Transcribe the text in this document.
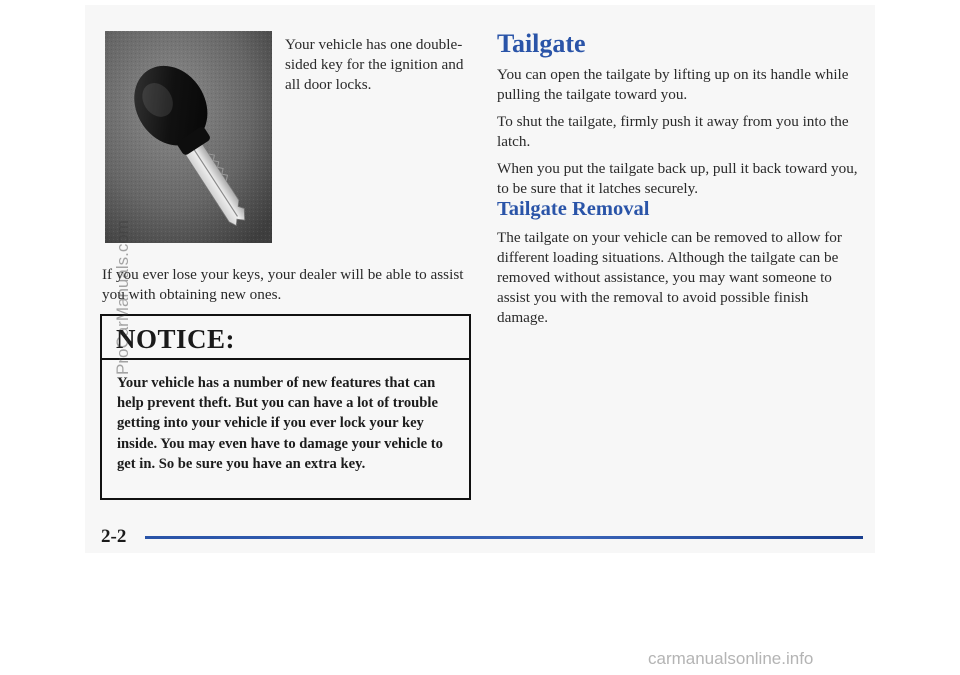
Your vehicle has one double-sided key for the ignition and all door locks.

If you ever lose your keys, your dealer will be able to assist you with obtaining new ones.

NOTICE:

Your vehicle has a number of new features that can help prevent theft. But you can have a lot of trouble getting into your vehicle if you ever lock your key inside. You may even have to damage your vehicle to get in. So be sure you have an extra key.

Tailgate

You can open the tailgate by lifting up on its handle while pulling the tailgate toward you.

To shut the tailgate, firmly push it away from you into the latch.

When you put the tailgate back up, pull it back toward you, to be sure that it latches securely.

Tailgate Removal

The tailgate on your vehicle can be removed to allow for different loading situations. Although the tailgate can be removed without assistance, you may want someone to assist you with the removal to avoid possible finish damage.

2-2
ProCarManuals.com
carmanualsonline.info
